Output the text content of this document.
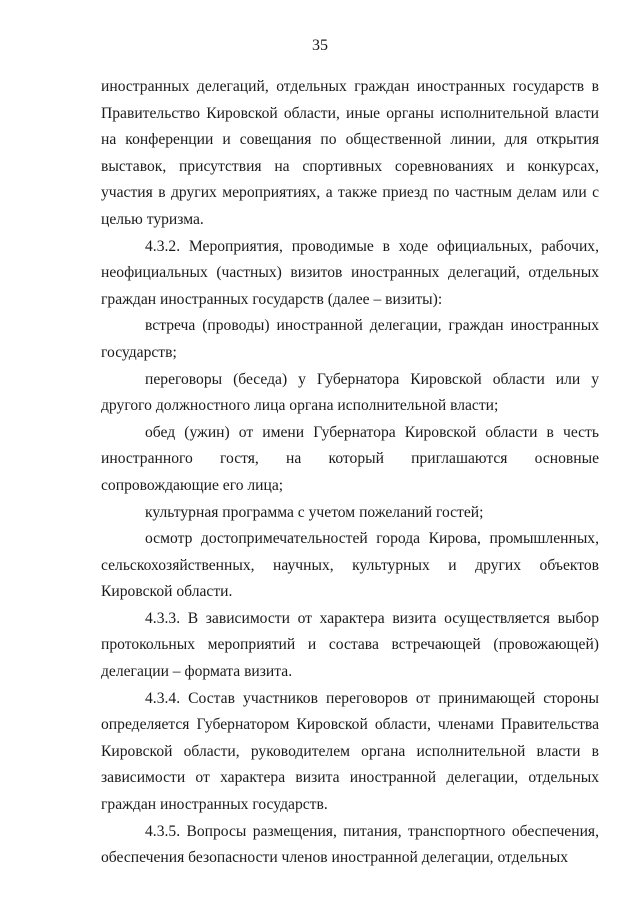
35

иностранных делегаций, отдельных граждан иностранных государств в Правительство Кировской области, иные органы исполнительной власти на конференции и совещания по общественной линии, для открытия выставок, присутствия на спортивных соревнованиях и конкурсах, участия в других мероприятиях, а также приезд по частным делам или с целью туризма.

4.3.2. Мероприятия, проводимые в ходе официальных, рабочих, неофициальных (частных) визитов иностранных делегаций, отдельных граждан иностранных государств (далее – визиты):

встреча (проводы) иностранной делегации, граждан иностранных государств;

переговоры (беседа) у Губернатора Кировской области или у другого должностного лица органа исполнительной власти;

обед (ужин) от имени Губернатора Кировской области в честь иностранного гостя, на который приглашаются основные сопровождающие его лица;

культурная программа с учетом пожеланий гостей;

осмотр достопримечательностей города Кирова, промышленных, сельскохозяйственных, научных, культурных и других объектов Кировской области.

4.3.3. В зависимости от характера визита осуществляется выбор протокольных мероприятий и состава встречающей (провожающей) делегации – формата визита.

4.3.4. Состав участников переговоров от принимающей стороны определяется Губернатором Кировской области, членами Правительства Кировской области, руководителем органа исполнительной власти в зависимости от характера визита иностранной делегации, отдельных граждан иностранных государств.

4.3.5. Вопросы размещения, питания, транспортного обеспечения, обеспечения безопасности членов иностранной делегации, отдельных
